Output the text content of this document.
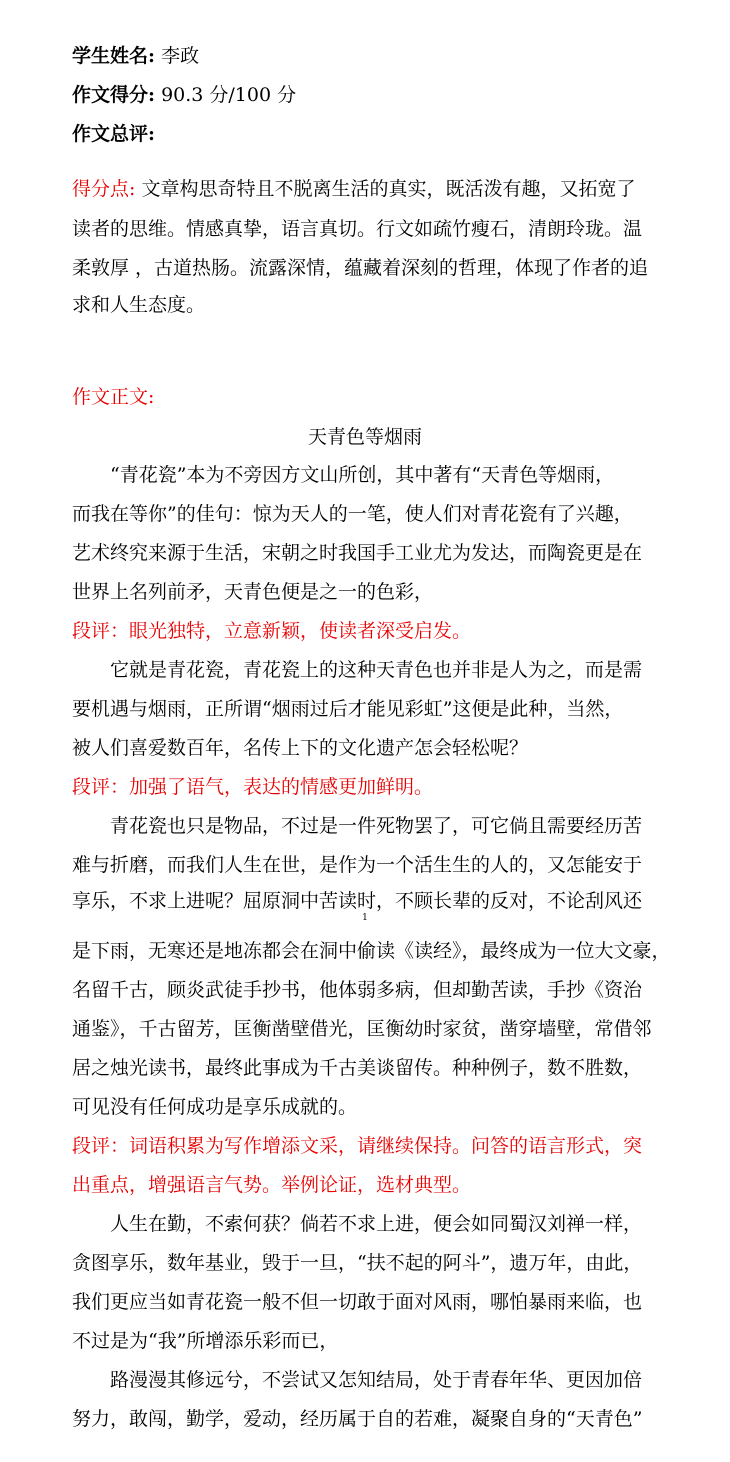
学生姓名: 李政
作文得分: 90.3 分/100 分
作文总评:
得分点: 文章构思奇特且不脱离生活的真实，既活泼有趣，又拓宽了
读者的思维。情感真挚，语言真切。行文如疏竹瘦石，清朗玲珑。温
柔敦厚 ，古道热肠。流露深情，蕴藏着深刻的哲理，体现了作者的追
求和人生态度。
作文正文:
天青色等烟雨
“青花瓷”本为不旁因方文山所创，其中著有“天青色等烟雨，
而我在等你”的佳句：惊为天人的一笔，使人们对青花瓷有了兴趣，
艺术终究来源于生活，宋朝之时我国手工业尤为发达，而陶瓷更是在
世界上名列前矛，天青色便是之一的色彩，
段评：眼光独特，立意新颖，使读者深受启发。
它就是青花瓷，青花瓷上的这种天青色也并非是人为之，而是需
要机遇与烟雨，正所谓“烟雨过后才能见彩虹”这便是此种，当然，
被人们喜爱数百年，名传上下的文化遗产怎会轻松呢？
段评：加强了语气，表达的情感更加鲜明。
青花瓷也只是物品，不过是一件死物罢了，可它倘且需要经历苦
难与折磨，而我们人生在世，是作为一个活生生的人的，又怎能安于
享乐，不求上进呢？屈原洞中苦读时，不顾长辈的反对，不论刮风还
1
是下雨，无寒还是地冻都会在洞中偷读《读经》，最终成为一位大文豪，
名留千古，顾炎武徒手抄书，他体弱多病，但却勤苦读，手抄《资治
通鉴》，千古留芳，匡衡凿壁借光，匡衡幼时家贫，凿穿墙壁，常借邻
居之烛光读书，最终此事成为千古美谈留传。种种例子，数不胜数，
可见没有任何成功是享乐成就的。
段评：词语积累为写作增添文采，请继续保持。问答的语言形式，突
出重点，增强语言气势。举例论证，选材典型。
人生在勤，不索何获？倘若不求上进，便会如同蜀汉刘禅一样，
贪图享乐，数年基业，毁于一旦，“扶不起的阿斗”，遗万年，由此，
我们更应当如青花瓷一般不但一切敢于面对风雨，哪怕暴雨来临，也
不过是为“我”所增添乐彩而已，
路漫漫其修远兮，不尝试又怎知结局，处于青春年华、更因加倍
努力，敢闯，勤学，爱动，经历属于自的若难，凝聚自身的“天青色”
